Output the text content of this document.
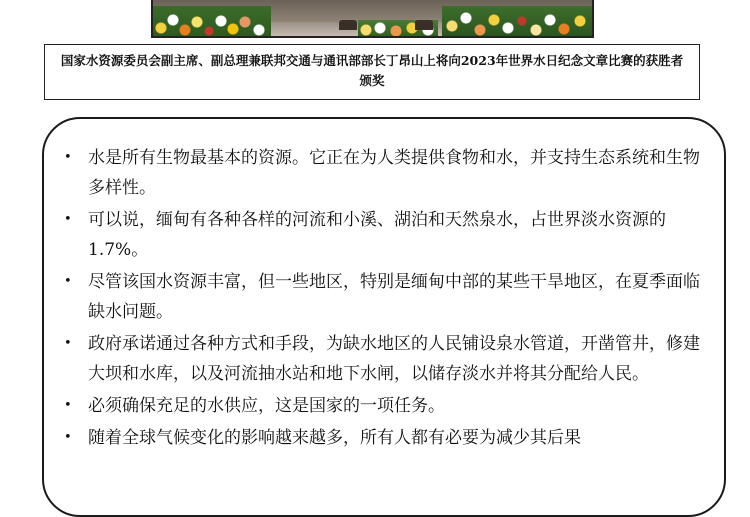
国家水资源委员会副主席、副总理兼联邦交通与通讯部部长丁昂山上将向2023年世界水日纪念文章比赛的获胜者颁奖
• 水是所有生物最基本的资源。它正在为人类提供食物和水，并支持生态系统和生物多样性。
• 可以说，缅甸有各种各样的河流和小溪、湖泊和天然泉水，占世界淡水资源的1.7%。
• 尽管该国水资源丰富，但一些地区，特别是缅甸中部的某些干旱地区，在夏季面临缺水问题。
• 政府承诺通过各种方式和手段，为缺水地区的人民铺设泉水管道，开凿管井，修建大坝和水库，以及河流抽水站和地下水闸，以储存淡水并将其分配给人民。
• 必须确保充足的水供应，这是国家的一项任务。
• 随着全球气候变化的影响越来越多，所有人都有必要为减少其后果
